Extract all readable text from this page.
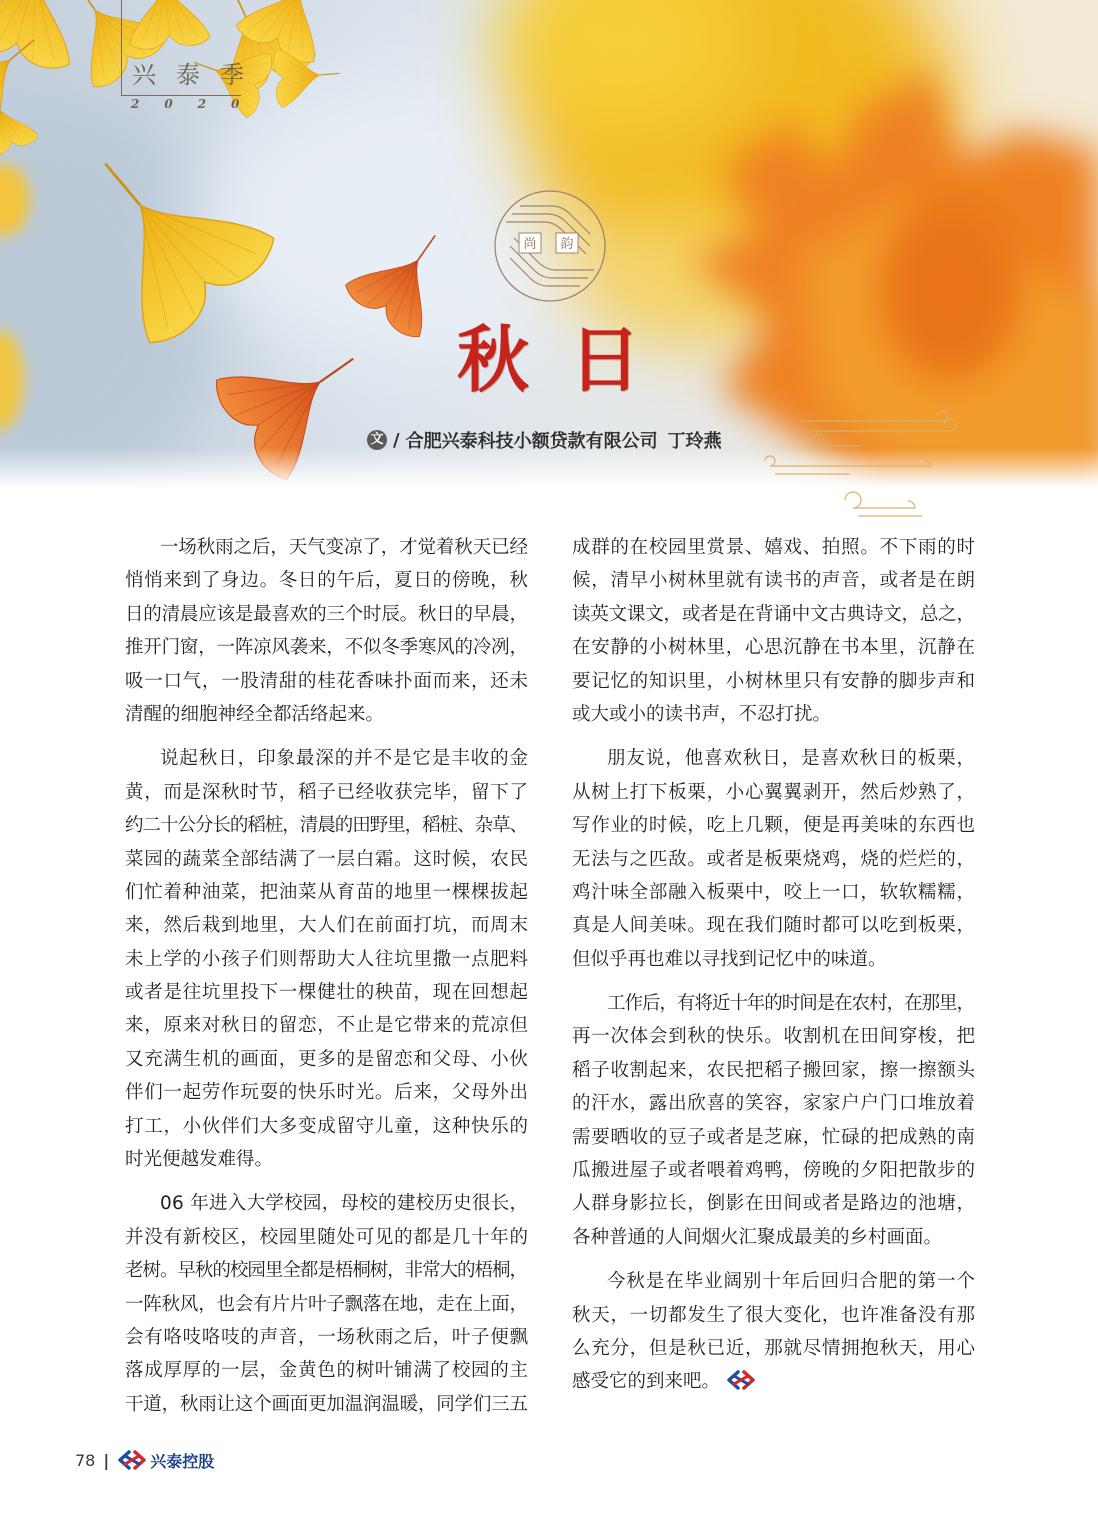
兴泰季
2020
尚 韵
秋日
文 / 合肥兴泰科技小额贷款有限公司 丁玲燕
一场秋雨之后，天气变凉了，才觉着秋天已经
悄悄来到了身边。冬日的午后，夏日的傍晚，秋
日的清晨应该是最喜欢的三个时辰。秋日的早晨，
推开门窗，一阵凉风袭来，不似冬季寒风的冷冽，
吸一口气，一股清甜的桂花香味扑面而来，还未
清醒的细胞神经全都活络起来。
说起秋日，印象最深的并不是它是丰收的金
黄，而是深秋时节，稻子已经收获完毕，留下了
约二十公分长的稻桩，清晨的田野里，稻桩、杂草、
菜园的蔬菜全部结满了一层白霜。这时候，农民
们忙着种油菜，把油菜从育苗的地里一棵棵拔起
来，然后栽到地里，大人们在前面打坑，而周末
未上学的小孩子们则帮助大人往坑里撒一点肥料
或者是往坑里投下一棵健壮的秧苗，现在回想起
来，原来对秋日的留恋，不止是它带来的荒凉但
又充满生机的画面，更多的是留恋和父母、小伙
伴们一起劳作玩耍的快乐时光。后来，父母外出
打工，小伙伴们大多变成留守儿童，这种快乐的
时光便越发难得。
06 年进入大学校园，母校的建校历史很长，
并没有新校区，校园里随处可见的都是几十年的
老树。早秋的校园里全都是梧桐树，非常大的梧桐，
一阵秋风，也会有片片叶子飘落在地，走在上面，
会有咯吱咯吱的声音，一场秋雨之后，叶子便飘
落成厚厚的一层，金黄色的树叶铺满了校园的主
干道，秋雨让这个画面更加温润温暖，同学们三五
成群的在校园里赏景、嬉戏、拍照。不下雨的时
候，清早小树林里就有读书的声音，或者是在朗
读英文课文，或者是在背诵中文古典诗文，总之，
在安静的小树林里，心思沉静在书本里，沉静在
要记忆的知识里，小树林里只有安静的脚步声和
或大或小的读书声，不忍打扰。
朋友说，他喜欢秋日，是喜欢秋日的板栗，
从树上打下板栗，小心翼翼剥开，然后炒熟了，
写作业的时候，吃上几颗，便是再美味的东西也
无法与之匹敌。或者是板栗烧鸡，烧的烂烂的，
鸡汁味全部融入板栗中，咬上一口，软软糯糯，
真是人间美味。现在我们随时都可以吃到板栗，
但似乎再也难以寻找到记忆中的味道。
工作后，有将近十年的时间是在农村，在那里，
再一次体会到秋的快乐。收割机在田间穿梭，把
稻子收割起来，农民把稻子搬回家，擦一擦额头
的汗水，露出欣喜的笑容，家家户户门口堆放着
需要晒收的豆子或者是芝麻，忙碌的把成熟的南
瓜搬进屋子或者喂着鸡鸭，傍晚的夕阳把散步的
人群身影拉长，倒影在田间或者是路边的池塘，
各种普通的人间烟火汇聚成最美的乡村画面。
今秋是在毕业阔别十年后回归合肥的第一个
秋天，一切都发生了很大变化，也许准备没有那
么充分，但是秋已近，那就尽情拥抱秋天，用心
感受它的到来吧。
78 |	兴泰控股
